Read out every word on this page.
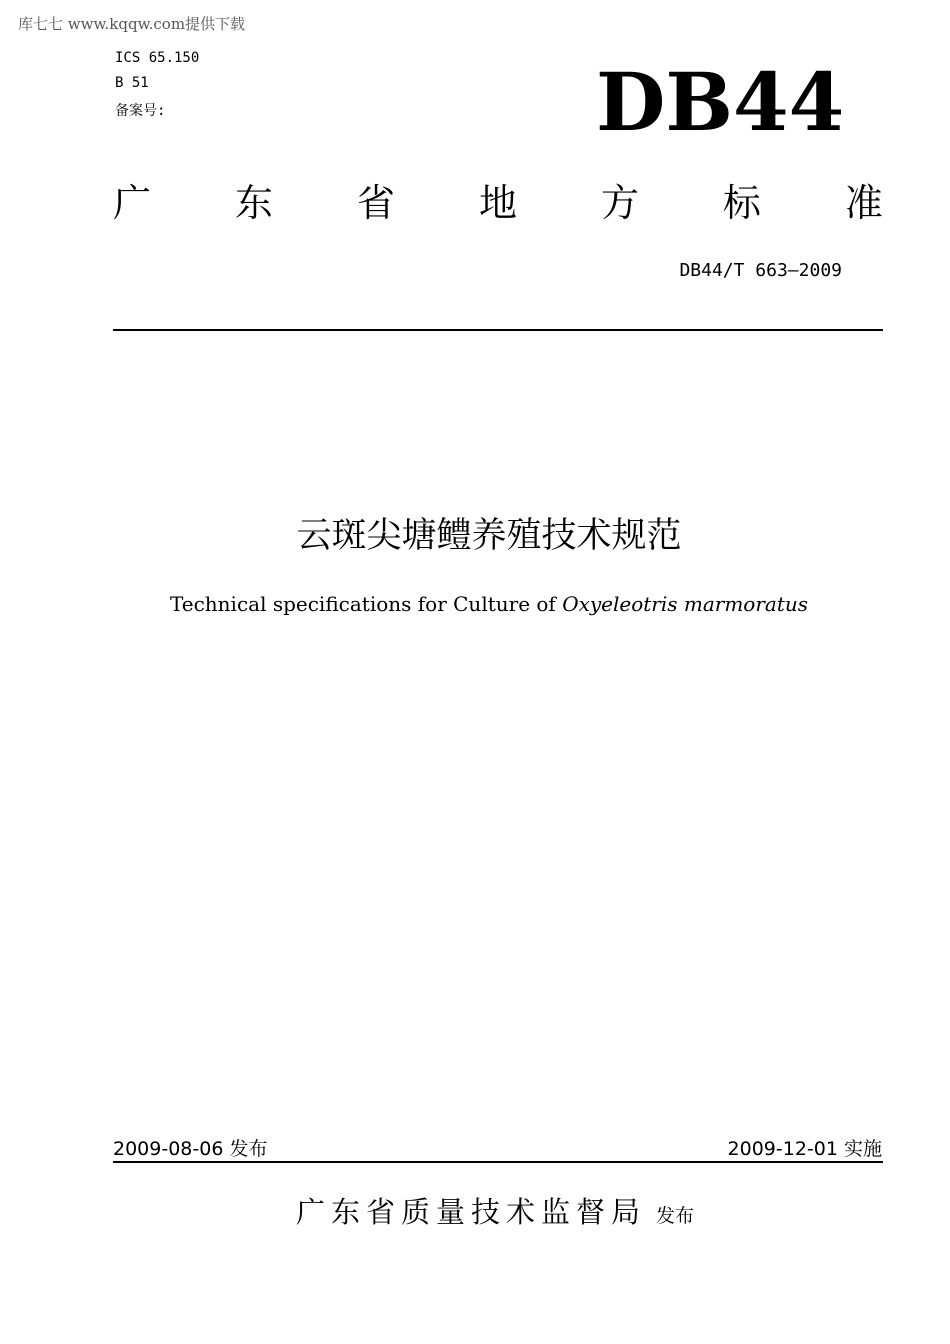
库七七 www.kqqw.com提供下载
ICS 65.150
B 51
备案号:	DB44
广 东 省 地 方 标 准
DB44/T 663—2009
云斑尖塘鳢养殖技术规范
Technical specifications for Culture of Oxyeleotris marmoratus
2009-08-06 发布	2009-12-01 实施
广东省质量技术监督局 发布
